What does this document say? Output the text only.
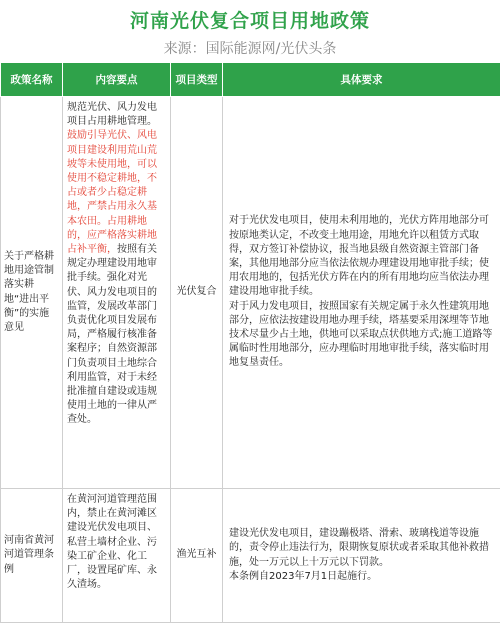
河南光伏复合项目用地政策
来源：国际能源网/光伏头条
政策名称	内容要点	项目类型	具体要求
关于严格耕地用途管制落实耕地“进出平衡”的实施意见	规范光伏、风力发电项目占用耕地管理。鼓励引导光伏、风电项目建设利用荒山荒坡等未使用地，可以使用不稳定耕地，不占或者少占稳定耕地，严禁占用永久基本农田。占用耕地的，应严格落实耕地占补平衡，按照有关规定办理建设用地审批手续。强化对光伏、风力发电项目的监管，发展改革部门负责优化项目发展布局，严格履行核准备案程序；自然资源部门负责项目土地综合利用监管，对于未经批准擅自建设或违规使用土地的一律从严查处。	光伏复合	对于光伏发电项目，使用未利用地的，光伏方阵用地部分可按原地类认定，不改变土地用途，用地允许以租赁方式取得，双方签订补偿协议，报当地县级自然资源主管部门备案，其他用地部分应当依法依规办理建设用地审批手续；使用农用地的，包括光伏方阵在内的所有用地均应当依法办理建设用地审批手续。
对于风力发电项目，按照国家有关规定属于永久性建筑用地部分，应依法按建设用地办理手续，塔基要采用深埋等节地技术尽量少占土地，供地可以采取点状供地方式;施工道路等属临时性用地部分，应办理临时用地审批手续，落实临时用地复垦责任。

河南省黄河河道管理条例	在黄河河道管理范围内，禁止在黄河滩区建设光伏发电项目、私营土墙材企业、污染工矿企业、化工厂，设置尾矿库、永久渣场。	渔光互补	建设光伏发电项目，建设蹦极塔、滑索、玻璃栈道等设施的，责令停止违法行为，限期恢复原状或者采取其他补救措施，处一万元以上十万元以下罚款。
本条例自2023年7月1日起施行。
